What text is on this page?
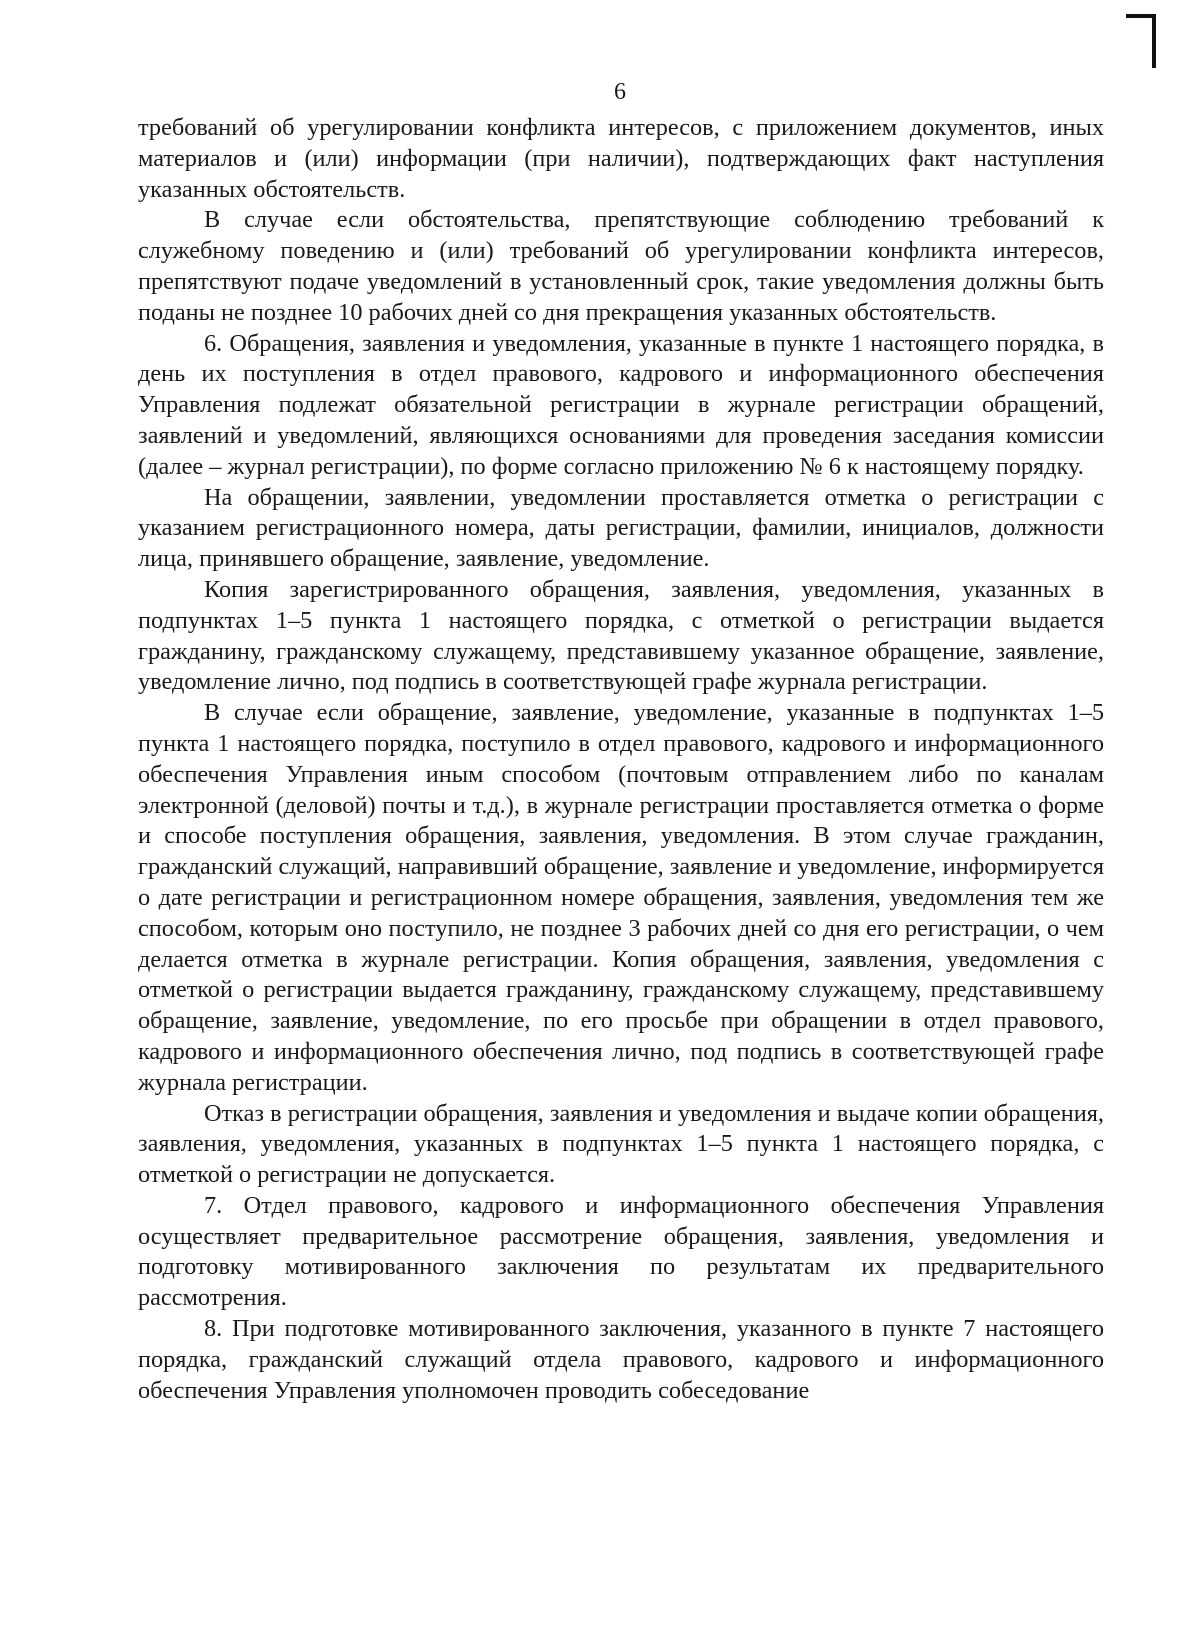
6

требований об урегулировании конфликта интересов, с приложением документов, иных материалов и (или) информации (при наличии), подтверждающих факт наступления указанных обстоятельств.

В случае если обстоятельства, препятствующие соблюдению требований к служебному поведению и (или) требований об урегулировании конфликта интересов, препятствуют подаче уведомлений в установленный срок, такие уведомления должны быть поданы не позднее 10 рабочих дней со дня прекращения указанных обстоятельств.

6. Обращения, заявления и уведомления, указанные в пункте 1 настоящего порядка, в день их поступления в отдел правового, кадрового и информационного обеспечения Управления подлежат обязательной регистрации в журнале регистрации обращений, заявлений и уведомлений, являющихся основаниями для проведения заседания комиссии (далее – журнал регистрации), по форме согласно приложению № 6 к настоящему порядку.

На обращении, заявлении, уведомлении проставляется отметка о регистрации с указанием регистрационного номера, даты регистрации, фамилии, инициалов, должности лица, принявшего обращение, заявление, уведомление.

Копия зарегистрированного обращения, заявления, уведомления, указанных в подпунктах 1–5 пункта 1 настоящего порядка, с отметкой о регистрации выдается гражданину, гражданскому служащему, представившему указанное обращение, заявление, уведомление лично, под подпись в соответствующей графе журнала регистрации.

В случае если обращение, заявление, уведомление, указанные в подпунктах 1–5 пункта 1 настоящего порядка, поступило в отдел правового, кадрового и информационного обеспечения Управления иным способом (почтовым отправлением либо по каналам электронной (деловой) почты и т.д.), в журнале регистрации проставляется отметка о форме и способе поступления обращения, заявления, уведомления. В этом случае гражданин, гражданский служащий, направивший обращение, заявление и уведомление, информируется о дате регистрации и регистрационном номере обращения, заявления, уведомления тем же способом, которым оно поступило, не позднее 3 рабочих дней со дня его регистрации, о чем делается отметка в журнале регистрации. Копия обращения, заявления, уведомления с отметкой о регистрации выдается гражданину, гражданскому служащему, представившему обращение, заявление, уведомление, по его просьбе при обращении в отдел правового, кадрового и информационного обеспечения лично, под подпись в соответствующей графе журнала регистрации.

Отказ в регистрации обращения, заявления и уведомления и выдаче копии обращения, заявления, уведомления, указанных в подпунктах 1–5 пункта 1 настоящего порядка, с отметкой о регистрации не допускается.

7. Отдел правового, кадрового и информационного обеспечения Управления осуществляет предварительное рассмотрение обращения, заявления, уведомления и подготовку мотивированного заключения по результатам их предварительного рассмотрения.

8. При подготовке мотивированного заключения, указанного в пункте 7 настоящего порядка, гражданский служащий отдела правового, кадрового и информационного обеспечения Управления уполномочен проводить собеседование
